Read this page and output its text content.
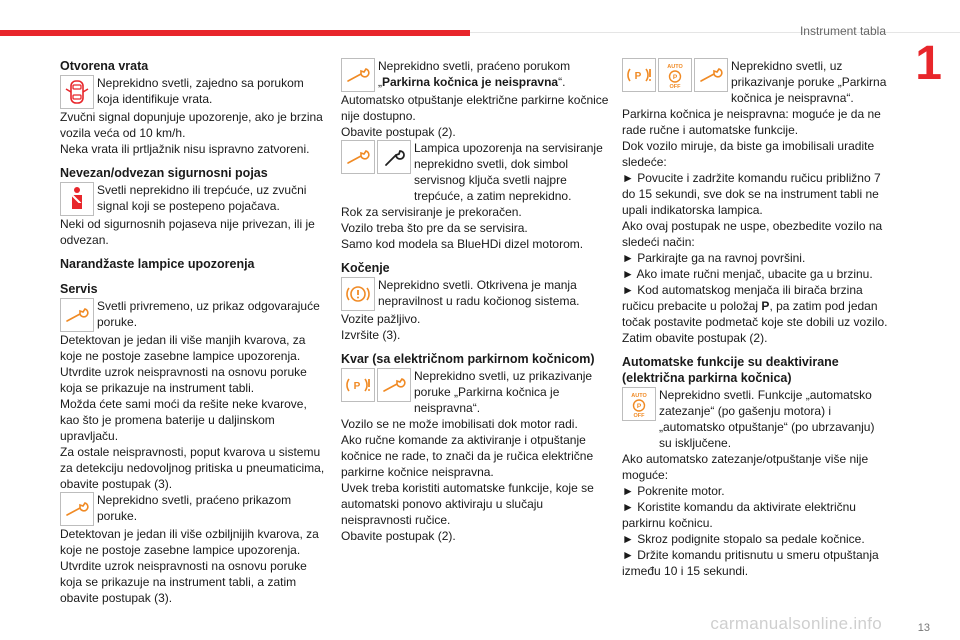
Instrument tabla
1
Otvorena vrata

Neprekidno svetli, zajedno sa porukom koja identifikuje vrata.

Zvučni signal dopunjuje upozorenje, ako je brzina vozila veća od 10 km/h.

Neka vrata ili prtljažnik nisu ispravno zatvoreni.

Nevezan/odvezan sigurnosni pojas

Svetli neprekidno ili trepćuće, uz zvučni signal koji se postepeno pojačava.

Neki od sigurnosnih pojaseva nije privezan, ili je odvezan.

Narandžaste lampice upozorenja
Servis

Svetli privremeno, uz prikaz odgovarajuće poruke.

Detektovan je jedan ili više manjih kvarova, za koje ne postoje zasebne lampice upozorenja.

Utvrdite uzrok neispravnosti na osnovu poruke koja se prikazuje na instrument tabli.

Možda ćete sami moći da rešite neke kvarove, kao što je promena baterije u daljinskom upravljaču.

Za ostale neispravnosti, poput kvarova u sistemu za detekciju nedovoljnog pritiska u pneumaticima, obavite postupak (3).

Neprekidno svetli, praćeno prikazom poruke.

Detektovan je jedan ili više ozbiljnijih kvarova, za koje ne postoje zasebne lampice upozorenja.

Utvrdite uzrok neispravnosti na osnovu poruke koja se prikazuje na instrument tabli, a zatim obavite postupak (3).

Neprekidno svetli, praćeno porukom „Parkirna kočnica je neispravna“.

Automatsko otpuštanje električne parkirne kočnice nije dostupno.

Obavite postupak (2).

Lampica upozorenja na servisiranje neprekidno svetli, dok simbol servisnog ključa svetli najpre trepćuće, a zatim neprekidno.

Rok za servisiranje je prekoračen.

Vozilo treba što pre da se servisira.

Samo kod modela sa BlueHDi dizel motorom.

Kočenje

Neprekidno svetli. Otkrivena je manja nepravilnost u radu kočionog sistema.

Vozite pažljivo.

Izvršite (3).

Kvar (sa električnom parkirnom kočnicom)
P

Neprekidno svetli, uz prikazivanje poruke „Parkirna kočnica je neispravna“.

Vozilo se ne može imobilisati dok motor radi.

Ako ručne komande za aktiviranje i otpuštanje kočnice ne rade, to znači da je ručica električne parkirne kočnice neispravna.

Uvek treba koristiti automatske funkcije, koje se automatski ponovo aktiviraju u slučaju neispravnosti ručice.

Obavite postupak (2).

P
AUTO
P
OFF

Neprekidno svetli, uz prikazivanje poruke „Parkirna kočnica je neispravna“.

Parkirna kočnica je neispravna: moguće je da ne rade ručne i automatske funkcije.

Dok vozilo miruje, da biste ga imobilisali uradite sledeće:

► Povucite i zadržite komandu ručicu približno 7 do 15 sekundi, sve dok se na instrument tabli ne upali indikatorska lampica.

Ako ovaj postupak ne uspe, obezbedite vozilo na sledeći način:

► Parkirajte ga na ravnoj površini.

► Ako imate ručni menjač, ubacite ga u brzinu.

► Kod automatskog menjača ili birača brzina ručicu prebacite u položaj P, pa zatim pod jedan točak postavite podmetač koje ste dobili uz vozilo.

Zatim obavite postupak (2).

Automatske funkcije su deaktivirane (električna parkirna kočnica)
AUTO
P
OFF

Neprekidno svetli. Funkcije „automatsko zatezanje“ (po gašenju motora) i „automatsko otpuštanje“ (po ubrzavanju) su isključene.

Ako automatsko zatezanje/otpuštanje više nije moguće:

► Pokrenite motor.

► Koristite komandu da aktivirate električnu parkirnu kočnicu.

► Skroz podignite stopalo sa pedale kočnice.

► Držite komandu pritisnutu u smeru otpuštanja između 10 i 15 sekundi.

carmanualsonline.info	13
